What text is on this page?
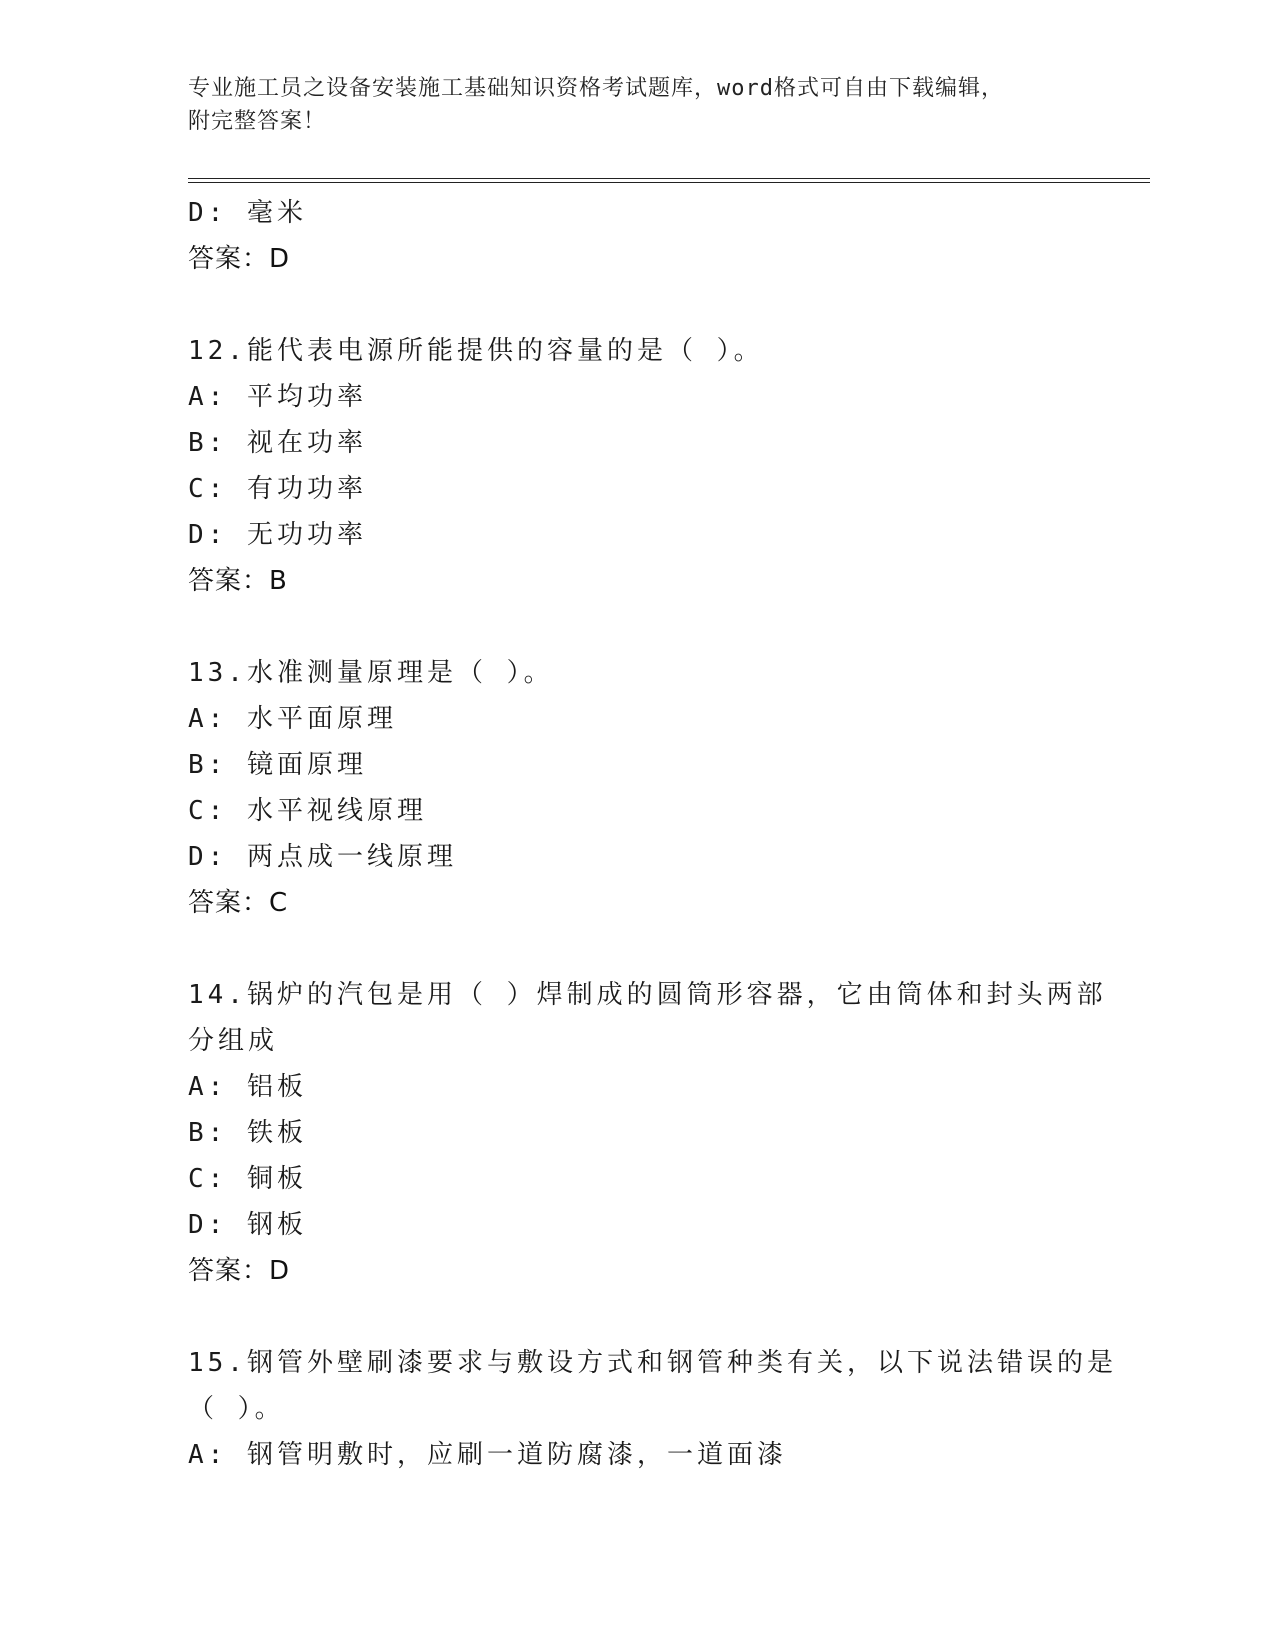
专业施工员之设备安装施工基础知识资格考试题库，word格式可自由下载编辑，
附完整答案！
D: 毫米
答案：D
12.能代表电源所能提供的容量的是（ ）。
A: 平均功率
B: 视在功率
C: 有功功率
D: 无功功率
答案：B
13.水准测量原理是（ ）。
A: 水平面原理
B: 镜面原理
C: 水平视线原理
D: 两点成一线原理
答案：C
14.锅炉的汽包是用（ ）焊制成的圆筒形容器，它由筒体和封头两部
分组成
A: 铝板
B: 铁板
C: 铜板
D: 钢板
答案：D
15.钢管外壁刷漆要求与敷设方式和钢管种类有关，以下说法错误的是
（ ）。
A: 钢管明敷时，应刷一道防腐漆，一道面漆
